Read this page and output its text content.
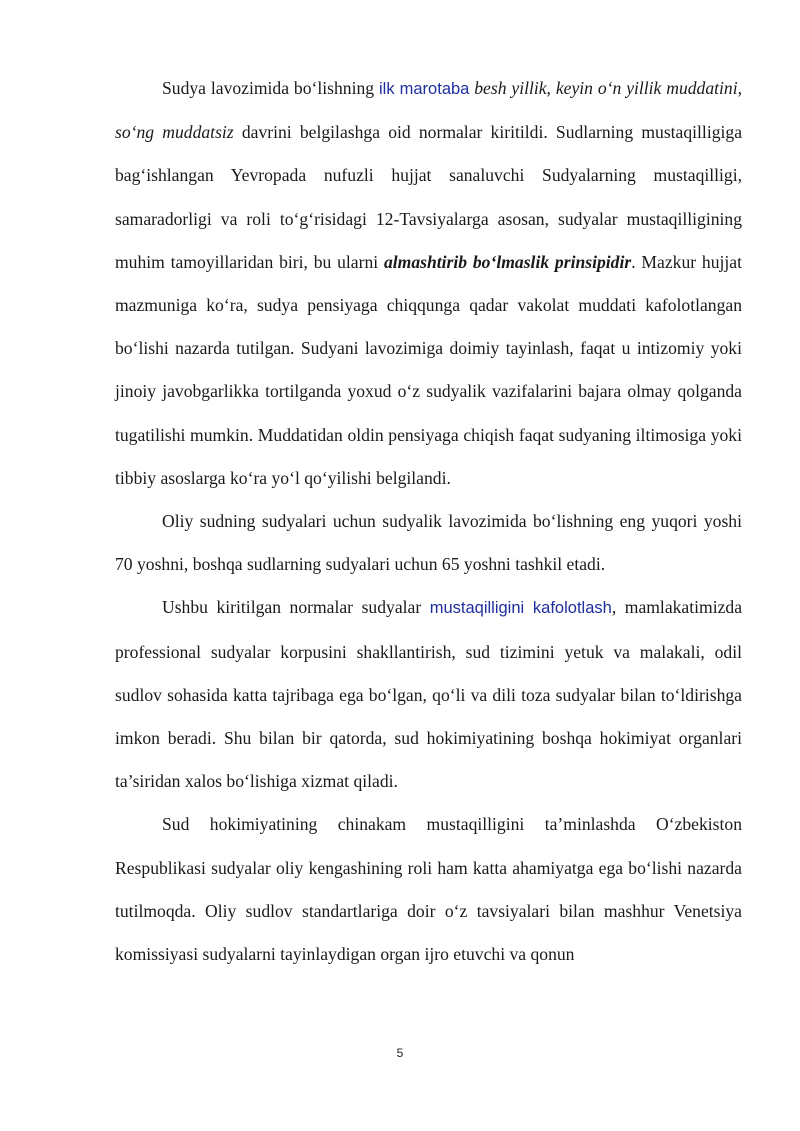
Sudya lavozimida bo‘lishning ilk marotaba besh yillik, keyin o‘n yillik muddatini, so‘ng muddatsiz davrini belgilashga oid normalar kiritildi. Sudlarning mustaqilligiga bag‘ishlangan Yevropada nufuzli hujjat sanaluvchi Sudyalarning mustaqilligi, samaradorligi va roli to‘g‘risidagi 12-Tavsiyalarga asosan, sudyalar mustaqilligining muhim tamoyillaridan biri, bu ularni almashtirib bo‘lmaslik prinsipidir. Mazkur hujjat mazmuniga ko‘ra, sudya pensiyaga chiqqunga qadar vakolat muddati kafolotlangan bo‘lishi nazarda tutilgan. Sudyani lavozimiga doimiy tayinlash, faqat u intizomiy yoki jinoiy javobgarlikka tortilganda yoxud o‘z sudyalik vazifalarini bajara olmay qolganda tugatilishi mumkin. Muddatidan oldin pensiyaga chiqish faqat sudyaning iltimosiga yoki tibbiy asoslarga ko‘ra yo‘l qo‘yilishi belgilandi.

Oliy sudning sudyalari uchun sudyalik lavozimida bo‘lishning eng yuqori yoshi 70 yoshni, boshqa sudlarning sudyalari uchun 65 yoshni tashkil etadi.

Ushbu kiritilgan normalar sudyalar mustaqilligini kafolotlash, mamlakatimizda professional sudyalar korpusini shakllantirish, sud tizimini yetuk va malakali, odil sudlov sohasida katta tajribaga ega bo‘lgan, qo‘li va dili toza sudyalar bilan to‘ldirishga imkon beradi. Shu bilan bir qatorda, sud hokimiyatining boshqa hokimiyat organlari ta’siridan xalos bo‘lishiga xizmat qiladi.

Sud hokimiyatining chinakam mustaqilligini ta’minlashda O‘zbekiston Respublikasi sudyalar oliy kengashining roli ham katta ahamiyatga ega bo‘lishi nazarda tutilmoqda. Oliy sudlov standartlariga doir o‘z tavsiyalari bilan mashhur Venetsiya komissiyasi sudyalarni tayinlaydigan organ ijro etuvchi va qonun

5
